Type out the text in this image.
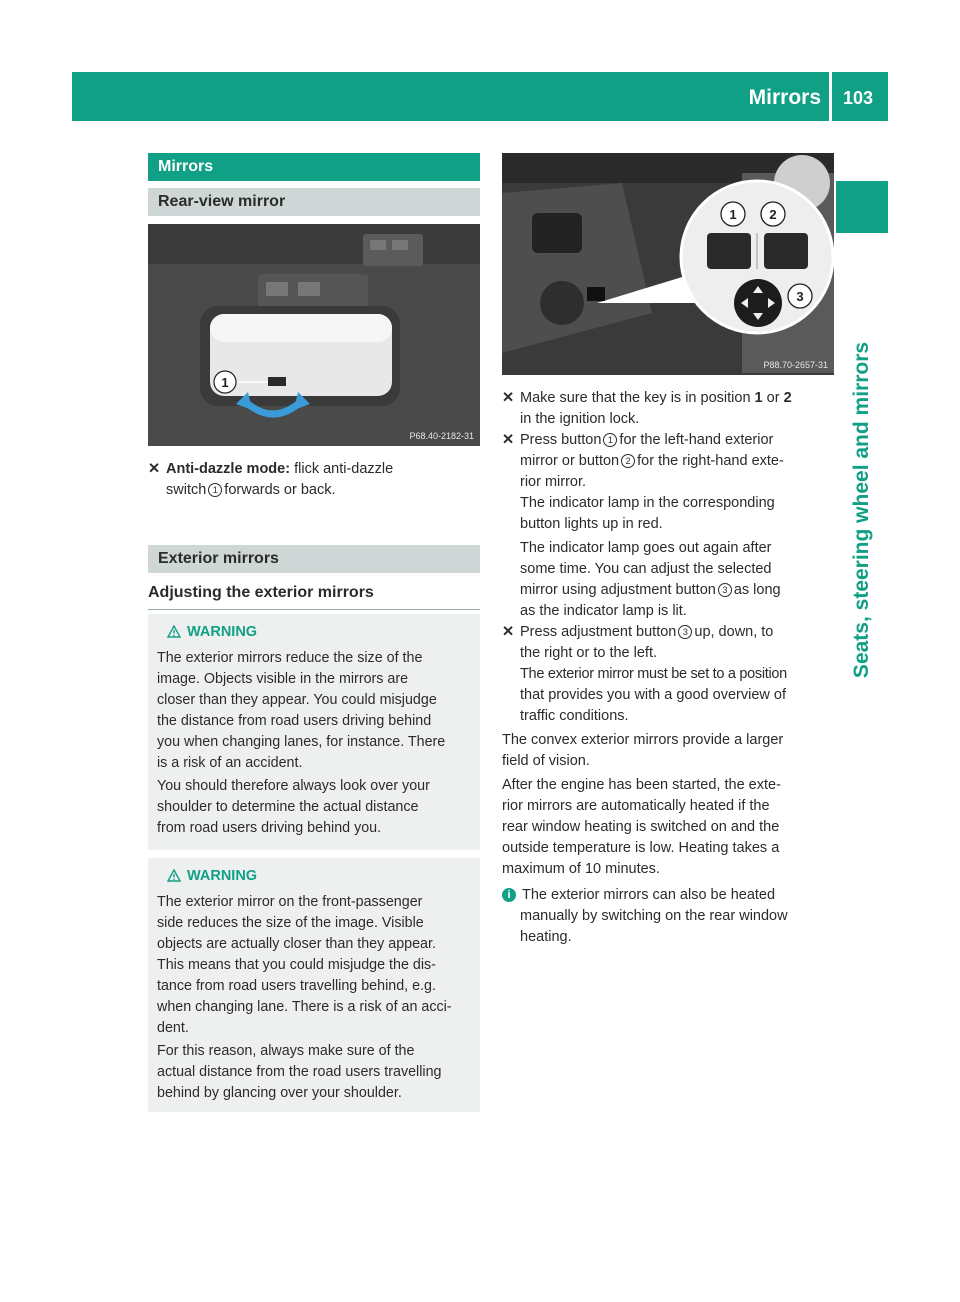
Mirrors 103
Seats, steering wheel and mirrors
Mirrors
Rear-view mirror
1
P68.40-2182-31

✕ Anti-dazzle mode: flick anti-dazzle

switch 1 forwards or back.

Exterior mirrors
Adjusting the exterior mirrors
WARNING

The exterior mirrors reduce the size of the
image. Objects visible in the mirrors are
closer than they appear. You could misjudge
the distance from road users driving behind
you when changing lanes, for instance. There
is a risk of an accident.

You should therefore always look over your
shoulder to determine the actual distance
from road users driving behind you.

WARNING

The exterior mirror on the front-passenger
side reduces the size of the image. Visible
objects are actually closer than they appear.
This means that you could misjudge the dis-
tance from road users travelling behind, e.g.
when changing lane. There is a risk of an acci-
dent.

For this reason, always make sure of the
actual distance from the road users travelling
behind by glancing over your shoulder.

1	2
3
P88.70-2657-31

✕ Make sure that the key is in position 1 or 2

in the ignition lock.

✕ Press button 1 for the left-hand exterior

mirror or button 2 for the right-hand exte-

rior mirror.

The indicator lamp in the corresponding

button lights up in red.

The indicator lamp goes out again after

some time. You can adjust the selected

mirror using adjustment button 3 as long

as the indicator lamp is lit.

✕ Press adjustment button 3 up, down, to

the right or to the left.

The exterior mirror must be set to a position

that provides you with a good overview of

traffic conditions.

The convex exterior mirrors provide a larger

field of vision.

After the engine has been started, the exte-

rior mirrors are automatically heated if the

rear window heating is switched on and the

outside temperature is low. Heating takes a

maximum of 10 minutes.

i The exterior mirrors can also be heated

manually by switching on the rear window

heating.
